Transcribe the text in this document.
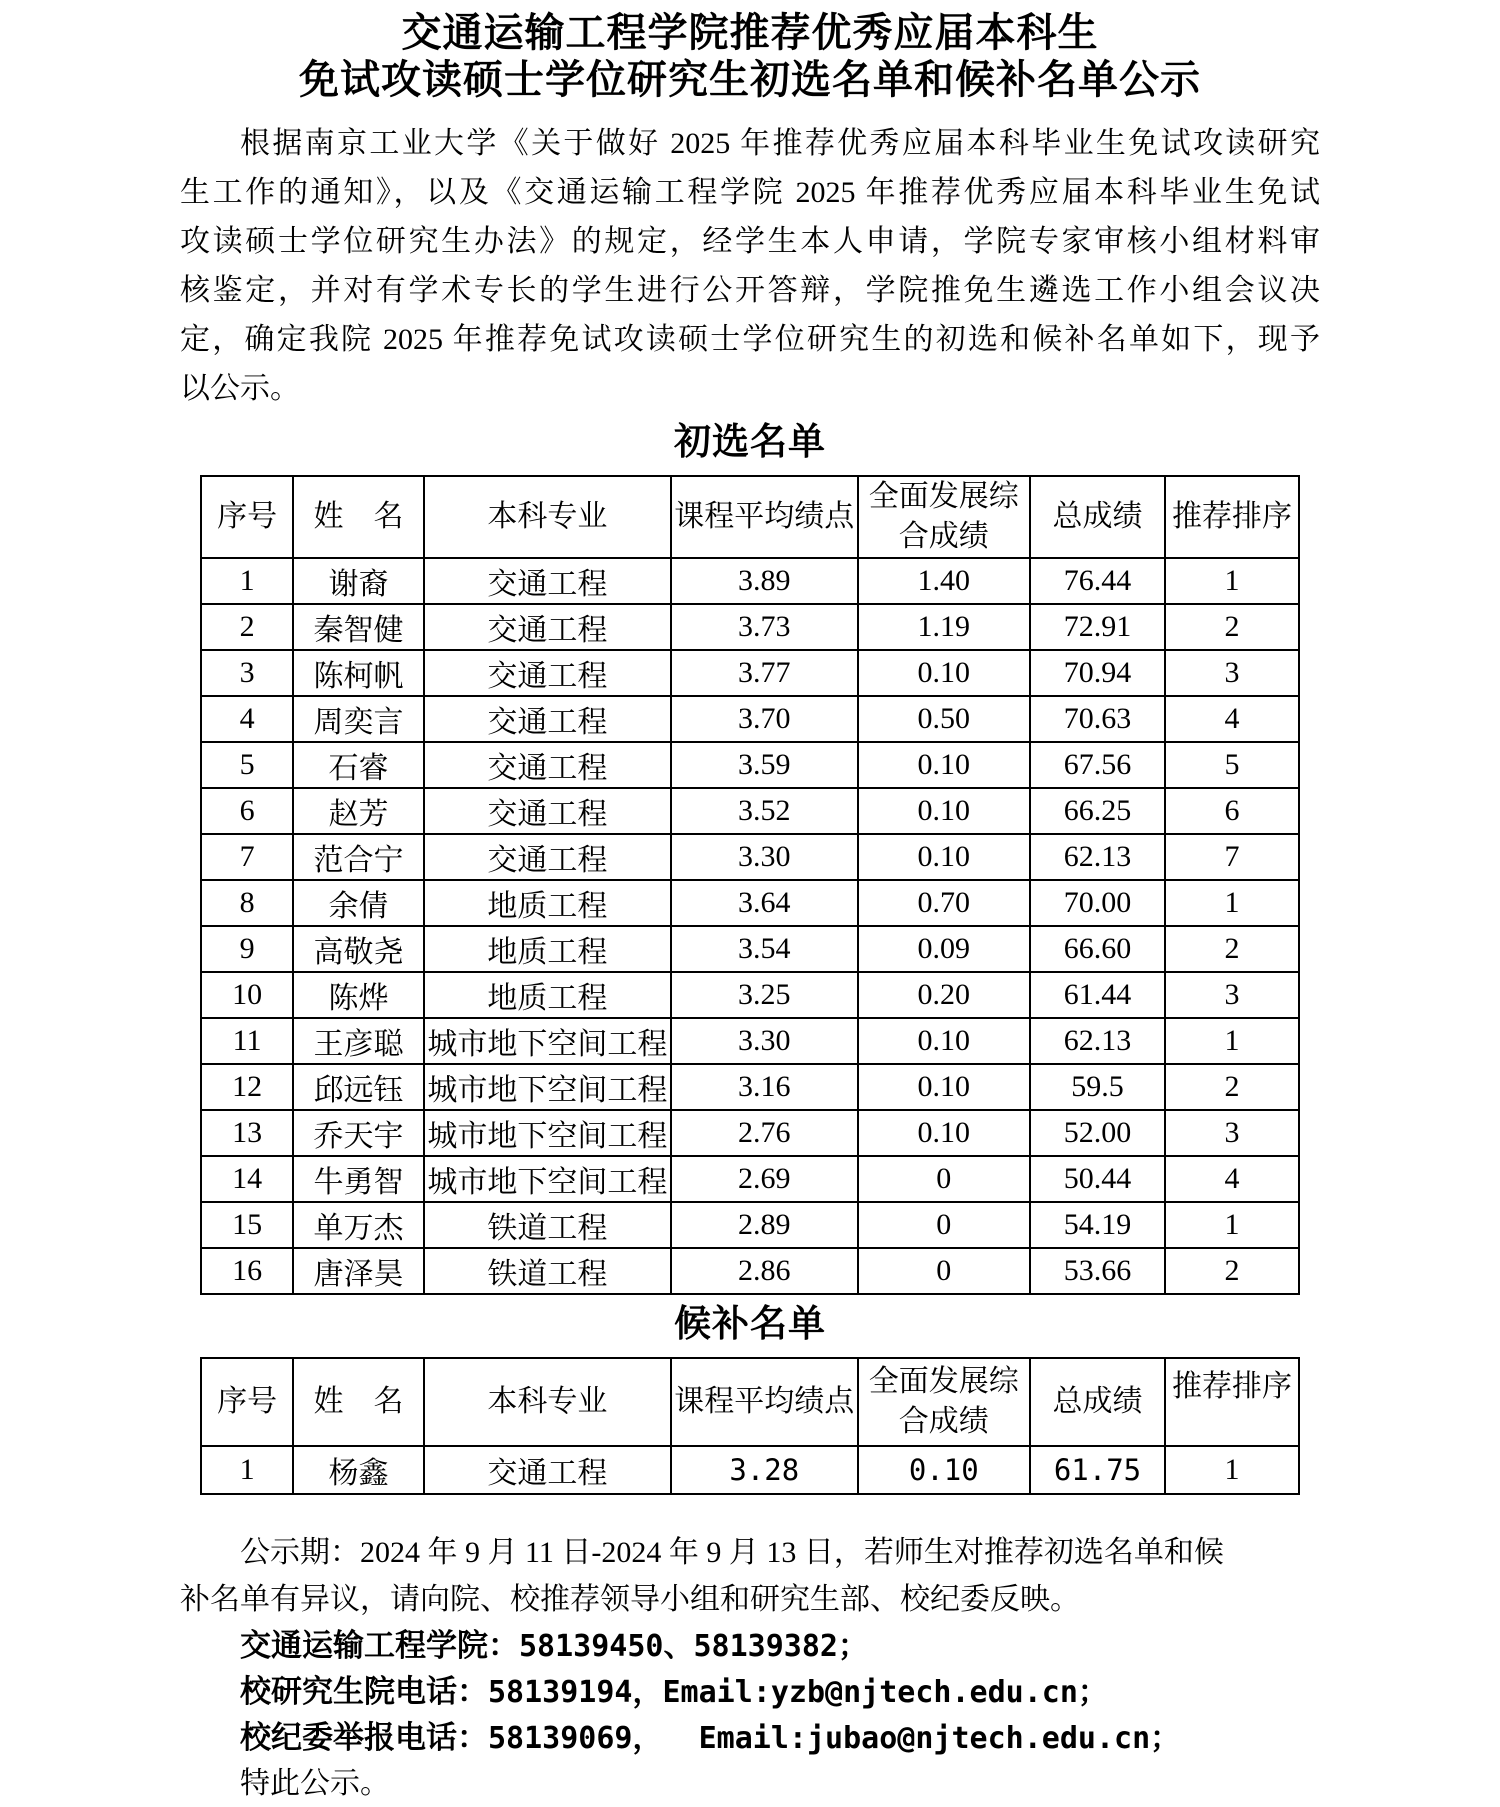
交通运输工程学院推荐优秀应届本科生
免试攻读硕士学位研究生初选名单和候补名单公示
根据南京工业大学《关于做好 2025 年推荐优秀应届本科毕业生免试攻读研究
生工作的通知》，以及《交通运输工程学院 2025 年推荐优秀应届本科毕业生免试
攻读硕士学位研究生办法》的规定，经学生本人申请，学院专家审核小组材料审
核鉴定，并对有学术专长的学生进行公开答辩，学院推免生遴选工作小组会议决
定，确定我院 2025 年推荐免试攻读硕士学位研究生的初选和候补名单如下，现予
以公示。
初选名单
序号	姓　名	本科专业	课程平均绩点	全面发展综合成绩	总成绩	推荐排序
1	谢裔	交通工程	3.89	1.40	76.44	1
2	秦智健	交通工程	3.73	1.19	72.91	2
3	陈柯帆	交通工程	3.77	0.10	70.94	3
4	周奕言	交通工程	3.70	0.50	70.63	4
5	石睿	交通工程	3.59	0.10	67.56	5
6	赵芳	交通工程	3.52	0.10	66.25	6
7	范合宁	交通工程	3.30	0.10	62.13	7
8	余倩	地质工程	3.64	0.70	70.00	1
9	高敬尧	地质工程	3.54	0.09	66.60	2
10	陈烨	地质工程	3.25	0.20	61.44	3
11	王彦聪	城市地下空间工程	3.30	0.10	62.13	1
12	邱远钰	城市地下空间工程	3.16	0.10	59.5	2
13	乔天宇	城市地下空间工程	2.76	0.10	52.00	3
14	牛勇智	城市地下空间工程	2.69	0	50.44	4
15	单万杰	铁道工程	2.89	0	54.19	1
16	唐泽昊	铁道工程	2.86	0	53.66	2
候补名单
序号	姓　名	本科专业	课程平均绩点	全面发展综合成绩	总成绩	推荐排序
1	杨鑫	交通工程	3.28	0.10	61.75	1
公示期：2024 年 9 月 11 日-2024 年 9 月 13 日，若师生对推荐初选名单和候
补名单有异议，请向院、校推荐领导小组和研究生部、校纪委反映。
交通运输工程学院：58139450、58139382；
校研究生院电话：58139194，Email:yzb@njtech.edu.cn；
校纪委举报电话：58139069，  Email:jubao@njtech.edu.cn；
特此公示。
